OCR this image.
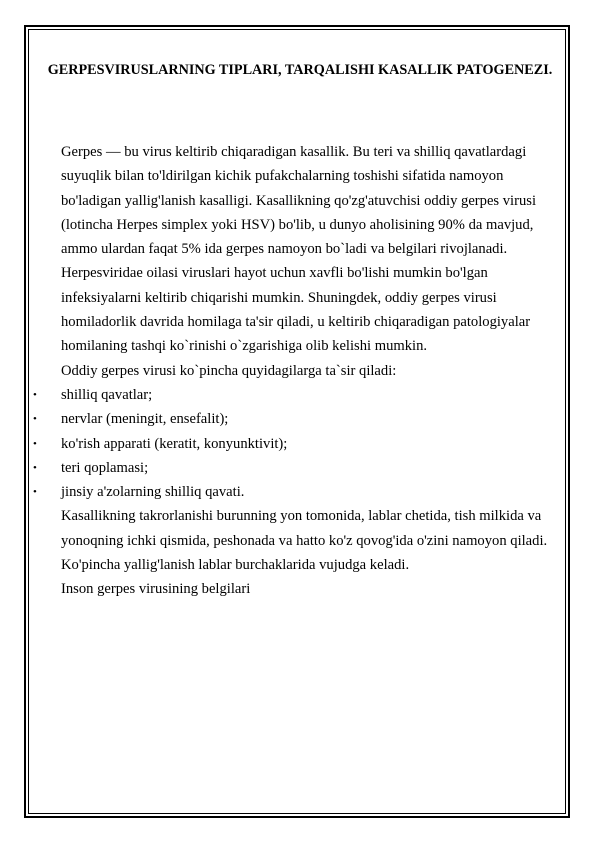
GERPESVIRUSLARNING TIPLARI, TARQALISHI KASALLIK PATOGENEZI.

Gerpes — bu virus keltirib chiqaradigan kasallik. Bu teri va shilliq qavatlardagi suyuqlik bilan to'ldirilgan kichik pufakchalarning toshishi sifatida namoyon bo'ladigan yallig'lanish kasalligi. Kasallikning qo'zg'atuvchisi oddiy gerpes virusi (lotincha Herpes simplex yoki HSV) bo'lib, u dunyo aholisining 90% da mavjud, ammo ulardan faqat 5% ida gerpes namoyon bo`ladi va belgilari rivojlanadi.

Herpesviridae oilasi viruslari hayot uchun xavfli bo'lishi mumkin bo'lgan infeksiyalarni keltirib chiqarishi mumkin. Shuningdek, oddiy gerpes virusi homiladorlik davrida homilaga ta'sir qiladi, u keltirib chiqaradigan patologiyalar homilaning tashqi ko`rinishi o`zgarishiga olib kelishi mumkin.

Oddiy gerpes virusi ko`pincha quyidagilarga ta`sir qiladi:

• shilliq qavatlar;
• nervlar (meningit, ensefalit);
• ko'rish apparati (keratit, konyunktivit);
• teri qoplamasi;
• jinsiy a'zolarning shilliq qavati.

Kasallikning takrorlanishi burunning yon tomonida, lablar chetida, tish milkida va yonoqning ichki qismida, peshonada va hatto ko'z qovog'ida o'zini namoyon qiladi. Ko'pincha yallig'lanish lablar burchaklarida vujudga keladi.

Inson gerpes virusining belgilari
